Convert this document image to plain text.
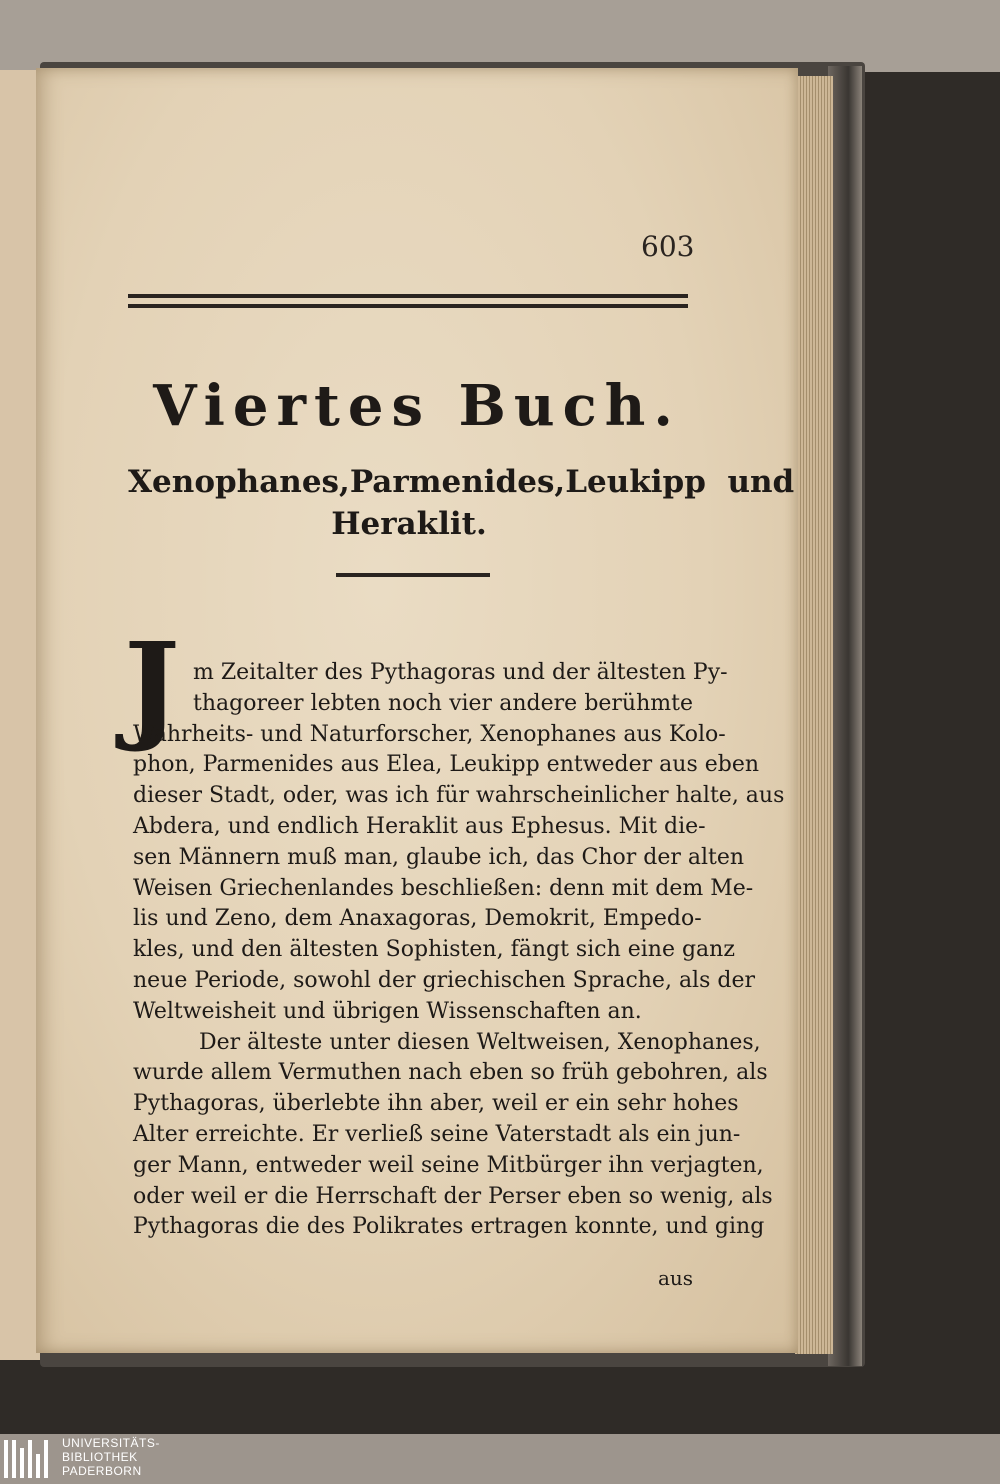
603
Viertes Buch.
Xenophanes, Parmenides, Leukipp und
Heraklit.
J m Zeitalter des Pythagoras und der ältesten Py-
thagoreer lebten noch vier andere berühmte
Wahrheits- und Naturforscher, Xenophanes aus Kolo-
phon, Parmenides aus Elea, Leukipp entweder aus eben
dieser Stadt, oder, was ich für wahrscheinlicher halte, aus
Abdera, und endlich Heraklit aus Ephesus. Mit die-
sen Männern muß man, glaube ich, das Chor der alten
Weisen Griechenlandes beschließen: denn mit dem Me-
lis und Zeno, dem Anaxagoras, Demokrit, Empedo-
kles, und den ältesten Sophisten, fängt sich eine ganz
neue Periode, sowohl der griechischen Sprache, als der
Weltweisheit und übrigen Wissenschaften an.
Der älteste unter diesen Weltweisen, Xenophanes,
wurde allem Vermuthen nach eben so früh gebohren, als
Pythagoras, überlebte ihn aber, weil er ein sehr hohes
Alter erreichte. Er verließ seine Vaterstadt als ein jun-
ger Mann, entweder weil seine Mitbürger ihn verjagten,
oder weil er die Herrschaft der Perser eben so wenig, als
Pythagoras die des Polikrates ertragen konnte, und ging
aus
UNIVERSITÄTS-
BIBLIOTHEK
PADERBORN
